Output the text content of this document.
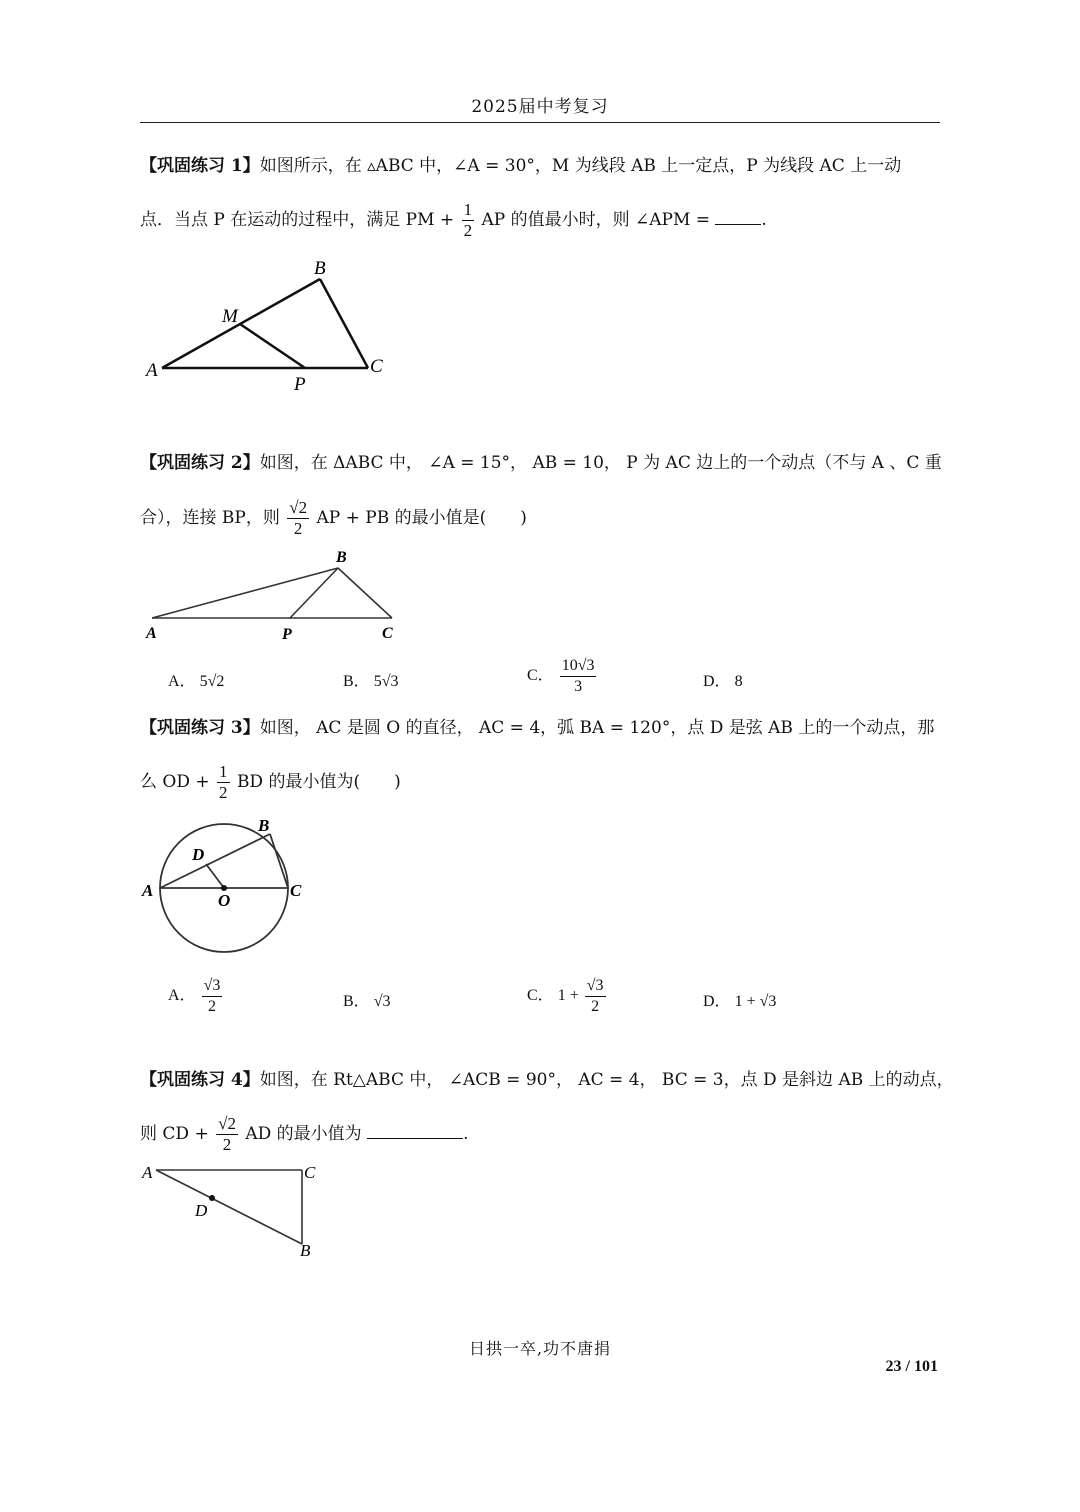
2025届中考复习
【巩固练习 1】如图所示，在 ▵ABC 中，∠A = 30°，M 为线段 AB 上一定点，P 为线段 AC 上一动
点．当点 P 在运动的过程中，满足 PM + $\frac{1}{2}$ AP 的值最小时，则 ∠APM =	.
A
B
C
M
P
【巩固练习 2】如图，在 ΔABC 中， ∠A = 15°， AB = 10， P 为 AC 边上的一个动点（不与 A 、C 重
合），连接 BP，则 $\frac{√2}{2}$ AP + PB 的最小值是(　　)
A
B
C
P
A． 5√2	B． 5√3	C． $\frac{10√3}{3}$	D． 8
【巩固练习 3】如图， AC 是圆 O 的直径， AC = 4，弧 BA = 120°，点 D 是弦 AB 上的一个动点，那
么 OD + $\frac{1}{2}$ BD 的最小值为(　　)
A
B
C
D
O
A． $\frac{√3}{2}$	B． √3	C． $1 + \frac{√3}{2}$	D． 1 + √3
【巩固练习 4】如图，在 Rt△ABC 中， ∠ACB = 90°， AC = 4， BC = 3，点 D 是斜边 AB 上的动点，
则 CD + $\frac{√2}{2}$ AD 的最小值为	.
A	C
B
D
日拱一卒,功不唐捐
23 / 101
